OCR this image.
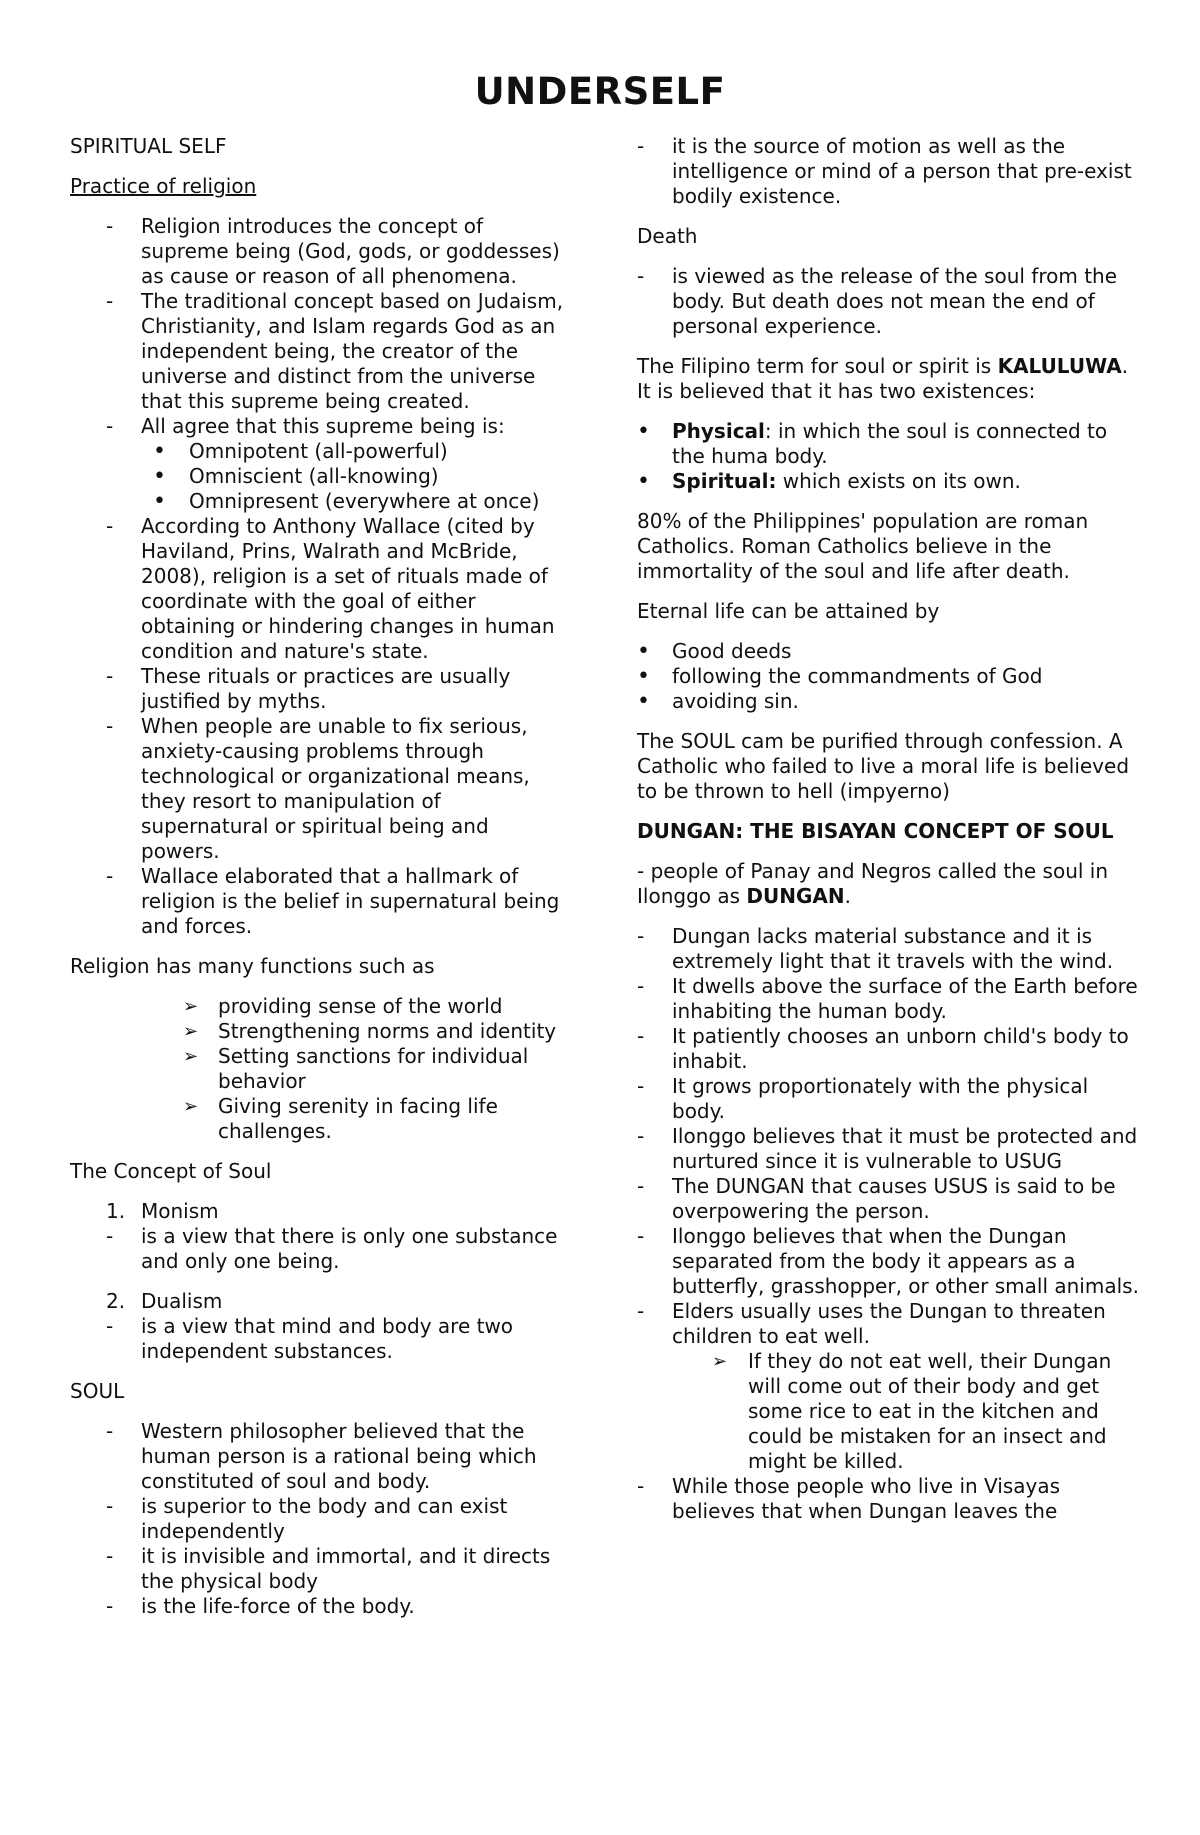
UNDERSELF

SPIRITUAL SELF

Practice of religion

- Religion introduces the concept of supreme being (God, gods, or goddesses) as cause or reason of all phenomena.
- The traditional concept based on Judaism, Christianity, and Islam regards God as an independent being, the creator of the universe and distinct from the universe that this supreme being created.
- All agree that this supreme being is:
• Omnipotent (all-powerful)
• Omniscient (all-knowing)
• Omnipresent (everywhere at once)
- According to Anthony Wallace (cited by Haviland, Prins, Walrath and McBride, 2008), religion is a set of rituals made of coordinate with the goal of either obtaining or hindering changes in human condition and nature's state.
- These rituals or practices are usually justified by myths.
- When people are unable to fix serious, anxiety-causing problems through technological or organizational means, they resort to manipulation of supernatural or spiritual being and powers.
- Wallace elaborated that a hallmark of religion is the belief in supernatural being and forces.

Religion has many functions such as

➢ providing sense of the world
➢ Strengthening norms and identity
➢ Setting sanctions for individual behavior
➢ Giving serenity in facing life challenges.

The Concept of Soul

1. Monism
- is a view that there is only one substance and only one being.
2. Dualism
- is a view that mind and body are two independent substances.

SOUL

- Western philosopher believed that the human person is a rational being which constituted of soul and body.
- is superior to the body and can exist independently
- it is invisible and immortal, and it directs the physical body
- is the life-force of the body.
- it is the source of motion as well as the intelligence or mind of a person that pre-exist bodily existence.

Death

- is viewed as the release of the soul from the body. But death does not mean the end of personal experience.

The Filipino term for soul or spirit is KALULUWA. It is believed that it has two existences:

• Physical: in which the soul is connected to the huma body.
• Spiritual: which exists on its own.

80% of the Philippines' population are roman Catholics. Roman Catholics believe in the immortality of the soul and life after death.

Eternal life can be attained by

• Good deeds
• following the commandments of God
• avoiding sin.

The SOUL cam be purified through confession. A Catholic who failed to live a moral life is believed to be thrown to hell (impyerno)

DUNGAN: THE BISAYAN CONCEPT OF SOUL

- people of Panay and Negros called the soul in Ilonggo as DUNGAN.

- Dungan lacks material substance and it is extremely light that it travels with the wind.
- It dwells above the surface of the Earth before inhabiting the human body.
- It patiently chooses an unborn child's body to inhabit.
- It grows proportionately with the physical body.
- Ilonggo believes that it must be protected and nurtured since it is vulnerable to USUG
- The DUNGAN that causes USUS is said to be overpowering the person.
- Ilonggo believes that when the Dungan separated from the body it appears as a butterfly, grasshopper, or other small animals.
- Elders usually uses the Dungan to threaten children to eat well.
➢ If they do not eat well, their Dungan will come out of their body and get some rice to eat in the kitchen and could be mistaken for an insect and might be killed.
- While those people who live in Visayas believes that when Dungan leaves the
